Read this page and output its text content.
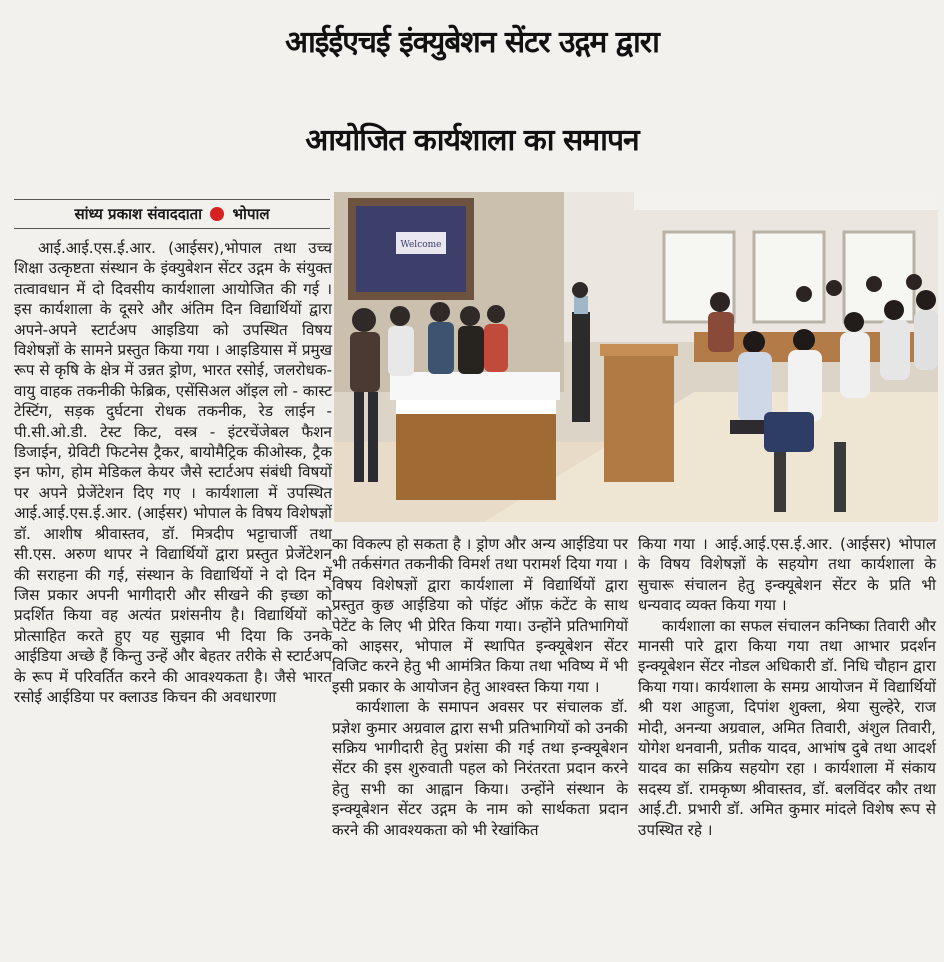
आईईएचई इंक्युबेशन सेंटर उद्गम द्वारा
आयोजित कार्यशाला का समापन
सांध्य प्रकाश संवाददाता भोपाल

आई.आई.एस.ई.आर. (आईसर),भोपाल तथा उच्च शिक्षा उत्कृष्टता संस्थान के इंक्युबेशन सेंटर उद्गम के संयुक्त तत्वावधान में दो दिवसीय कार्यशाला आयोजित की गई । इस कार्यशाला के दूसरे और अंतिम दिन विद्यार्थियों द्वारा अपने-अपने स्टार्टअप आइडिया को उपस्थित विषय विशेषज्ञों के सामने प्रस्तुत किया गया । आइडियास में प्रमुख रूप से कृषि के क्षेत्र में उन्नत ड्रोण, भारत रसोई, जलरोधक-वायु वाहक तकनीकी फेब्रिक, एसेंसिअल ऑइल लो - कास्ट टेस्टिंग, सड़क दुर्घटना रोधक तकनीक, रेड लाईन - पी.सी.ओ.डी. टेस्ट किट, वस्त्र - इंटरचेंजेबल फैशन डिजाईन, ग्रेविटी फिटनेस ट्रैकर, बायोमैट्रिक कीओस्क, ट्रैक इन फोग, होम मेडिकल केयर जैसे स्टार्टअप संबंधी विषयों पर अपने प्रेजेंटेशन दिए गए । कार्यशाला में उपस्थित आई.आई.एस.ई.आर. (आईसर) भोपाल के विषय विशेषज्ञों डॉ. आशीष श्रीवास्तव, डॉ. मित्रदीप भट्टाचार्जी तथा सी.एस. अरुण थापर ने विद्यार्थियों द्वारा प्रस्तुत प्रेजेंटेशन की सराहना की गई, संस्थान के विद्यार्थियों ने दो दिन में जिस प्रकार अपनी भागीदारी और सीखने की इच्छा को प्रदर्शित किया वह अत्यंत प्रशंसनीय है। विद्यार्थियों को प्रोत्साहित करते हुए यह सुझाव भी दिया कि उनके आईडिया अच्छे हैं किन्तु उन्हें और बेहतर तरीके से स्टार्टअप के रूप में परिवर्तित करने की आवश्यकता है। जैसे भारत रसोई आईडिया पर क्लाउड किचन की अवधारणा

Welcome

का विकल्प हो सकता है । ड्रोण और अन्य आईडिया पर भी तर्कसंगत तकनीकी विमर्श तथा परामर्श दिया गया । विषय विशेषज्ञों द्वारा कार्यशाला में विद्यार्थियों द्वारा प्रस्तुत कुछ आईडिया को पॉइंट ऑफ़ कंटेंट के साथ पेटेंट के लिए भी प्रेरित किया गया। उन्होंने प्रतिभागियों को आइसर, भोपाल में स्थापित इन्क्यूबेशन सेंटर विजिट करने हेतु भी आमंत्रित किया तथा भविष्य में भी इसी प्रकार के आयोजन हेतु आश्वस्त किया गया ।

कार्यशाला के समापन अवसर पर संचालक डॉ. प्रज्ञेश कुमार अग्रवाल द्वारा सभी प्रतिभागियों को उनकी सक्रिय भागीदारी हेतु प्रशंसा की गई तथा इन्क्यूबेशन सेंटर की इस शुरुवाती पहल को निरंतरता प्रदान करने हेतु सभी का आह्वान किया। उन्होंने संस्थान के इन्क्यूबेशन सेंटर उद्गम के नाम को सार्थकता प्रदान करने की आवश्यकता को भी रेखांकित

किया गया । आई.आई.एस.ई.आर. (आईसर) भोपाल के विषय विशेषज्ञों के सहयोग तथा कार्यशाला के सुचारू संचालन हेतु इन्क्यूबेशन सेंटर के प्रति भी धन्यवाद व्यक्त किया गया ।

कार्यशाला का सफल संचालन कनिष्का तिवारी और मानसी पारे द्वारा किया गया तथा आभार प्रदर्शन इन्क्यूबेशन सेंटर नोडल अधिकारी डॉ. निधि चौहान द्वारा किया गया। कार्यशाला के समग्र आयोजन में विद्यार्थियों श्री यश आहुजा, दिपांश शुक्ला, श्रेया सुल्हेरे, राज मोदी, अनन्या अग्रवाल, अमित तिवारी, अंशुल तिवारी, योगेश थनवानी, प्रतीक यादव, आभांष दुबे तथा आदर्श यादव का सक्रिय सहयोग रहा । कार्यशाला में संकाय सदस्य डॉ. रामकृष्ण श्रीवास्तव, डॉ. बलविंदर कौर तथा आई.टी. प्रभारी डॉ. अमित कुमार मांदले विशेष रूप से उपस्थित रहे ।
